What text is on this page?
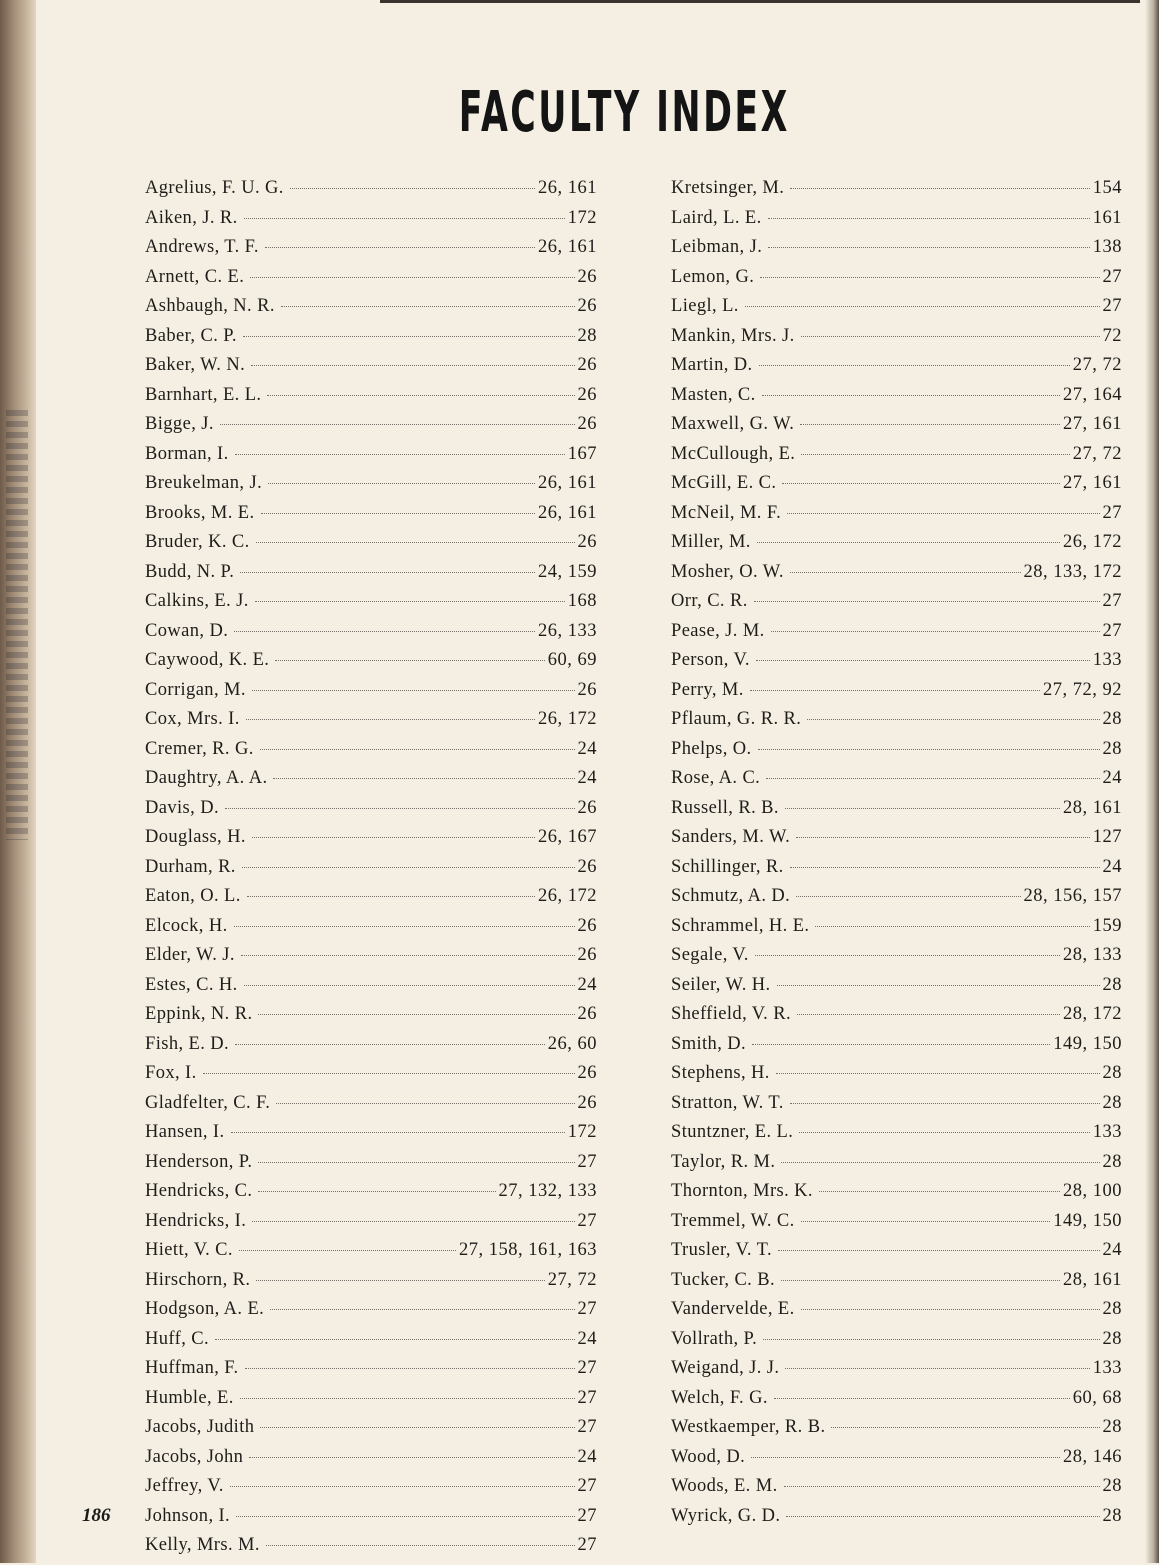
FACULTY INDEX
Agrelius, F. U. G.	26, 161
Aiken, J. R.	172
Andrews, T. F.	26, 161
Arnett, C. E.	26
Ashbaugh, N. R.	26
Baber, C. P.	28
Baker, W. N.	26
Barnhart, E. L.	26
Bigge, J.	26
Borman, I.	167
Breukelman, J.	26, 161
Brooks, M. E.	26, 161
Bruder, K. C.	26
Budd, N. P.	24, 159
Calkins, E. J.	168
Cowan, D.	26, 133
Caywood, K. E.	60, 69
Corrigan, M.	26
Cox, Mrs. I.	26, 172
Cremer, R. G.	24
Daughtry, A. A.	24
Davis, D.	26
Douglass, H.	26, 167
Durham, R.	26
Eaton, O. L.	26, 172
Elcock, H.	26
Elder, W. J.	26
Estes, C. H.	24
Eppink, N. R.	26
Fish, E. D.	26, 60
Fox, I.	26
Gladfelter, C. F.	26
Hansen, I.	172
Henderson, P.	27
Hendricks, C.	27, 132, 133
Hendricks, I.	27
Hiett, V. C.	27, 158, 161, 163
Hirschorn, R.	27, 72
Hodgson, A. E.	27
Huff, C.	24
Huffman, F.	27
Humble, E.	27
Jacobs, Judith	27
Jacobs, John	24
Jeffrey, V.	27
Johnson, I.	27
Kelly, Mrs. M.	27
Kretsinger, M.	154
Laird, L. E.	161
Leibman, J.	138
Lemon, G.	27
Liegl, L.	27
Mankin, Mrs. J.	72
Martin, D.	27, 72
Masten, C.	27, 164
Maxwell, G. W.	27, 161
McCullough, E.	27, 72
McGill, E. C.	27, 161
McNeil, M. F.	27
Miller, M.	26, 172
Mosher, O. W.	28, 133, 172
Orr, C. R.	27
Pease, J. M.	27
Person, V.	133
Perry, M.	27, 72, 92
Pflaum, G. R. R.	28
Phelps, O.	28
Rose, A. C.	24
Russell, R. B.	28, 161
Sanders, M. W.	127
Schillinger, R.	24
Schmutz, A. D.	28, 156, 157
Schrammel, H. E.	159
Segale, V.	28, 133
Seiler, W. H.	28
Sheffield, V. R.	28, 172
Smith, D.	149, 150
Stephens, H.	28
Stratton, W. T.	28
Stuntzner, E. L.	133
Taylor, R. M.	28
Thornton, Mrs. K.	28, 100
Tremmel, W. C.	149, 150
Trusler, V. T.	24
Tucker, C. B.	28, 161
Vandervelde, E.	28
Vollrath, P.	28
Weigand, J. J.	133
Welch, F. G.	60, 68
Westkaemper, R. B.	28
Wood, D.	28, 146
Woods, E. M.	28
Wyrick, G. D.	28
186
